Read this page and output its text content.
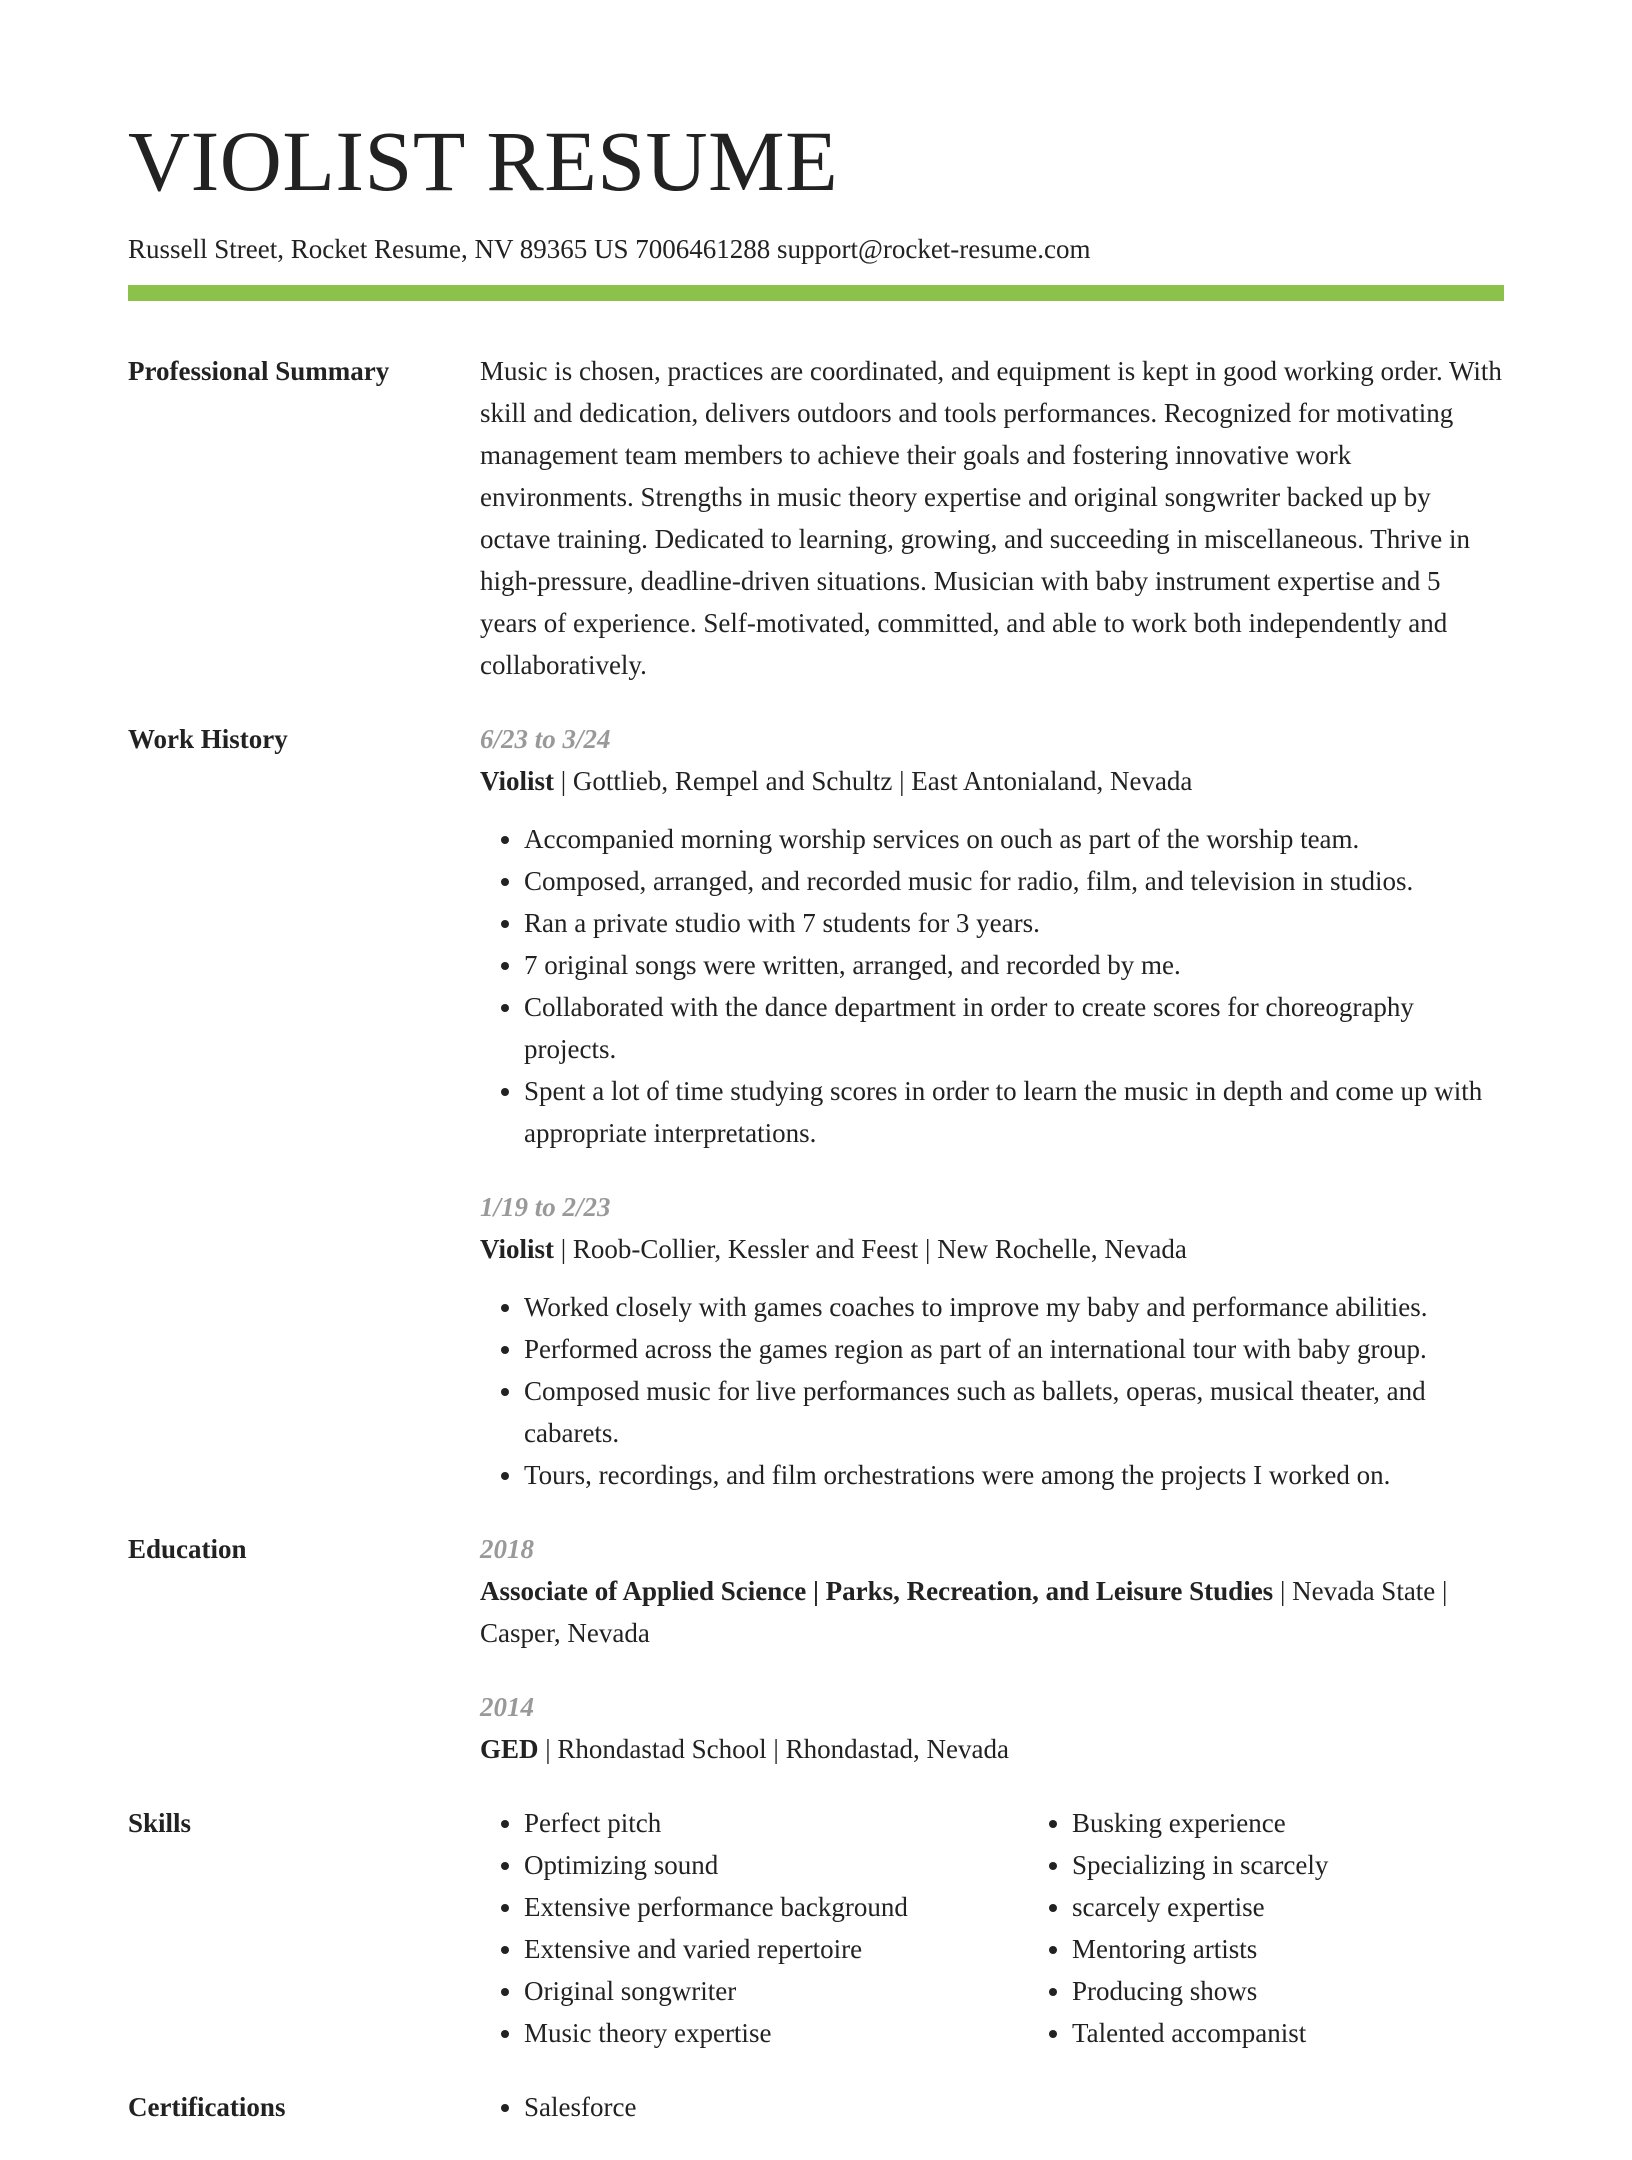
VIOLIST RESUME
Russell Street, Rocket Resume, NV 89365 US 7006461288 support@rocket-resume.com
Professional Summary	Music is chosen, practices are coordinated, and equipment is kept in good working order. With skill and dedication, delivers outdoors and tools performances. Recognized for motivating management team members to achieve their goals and fostering innovative work environments. Strengths in music theory expertise and original songwriter backed up by octave training. Dedicated to learning, growing, and succeeding in miscellaneous. Thrive in high-pressure, deadline-driven situations. Musician with baby instrument expertise and 5 years of experience. Self-motivated, committed, and able to work both independently and collaboratively.

Work History	6/23 to 3/24
Violist | Gottlieb, Rempel and Schultz | East Antonialand, Nevada
• Accompanied morning worship services on ouch as part of the worship team.
• Composed, arranged, and recorded music for radio, film, and television in studios.
• Ran a private studio with 7 students for 3 years.
• 7 original songs were written, arranged, and recorded by me.
• Collaborated with the dance department in order to create scores for choreography projects.
• Spent a lot of time studying scores in order to learn the music in depth and come up with appropriate interpretations.
1/19 to 2/23
Violist | Roob-Collier, Kessler and Feest | New Rochelle, Nevada
• Worked closely with games coaches to improve my baby and performance abilities.
• Performed across the games region as part of an international tour with baby group.
• Composed music for live performances such as ballets, operas, musical theater, and cabarets.
• Tours, recordings, and film orchestrations were among the projects I worked on.
Education	2018
Associate of Applied Science | Parks, Recreation, and Leisure Studies | Nevada State | Casper, Nevada
2014
GED | Rhondastad School | Rhondastad, Nevada
Skills	• Perfect pitch
• Optimizing sound
• Extensive performance background
• Extensive and varied repertoire
• Original songwriter
• Music theory expertise
• Busking experience
• Specializing in scarcely
• scarcely expertise
• Mentoring artists
• Producing shows
• Talented accompanist
Certifications	• Salesforce
